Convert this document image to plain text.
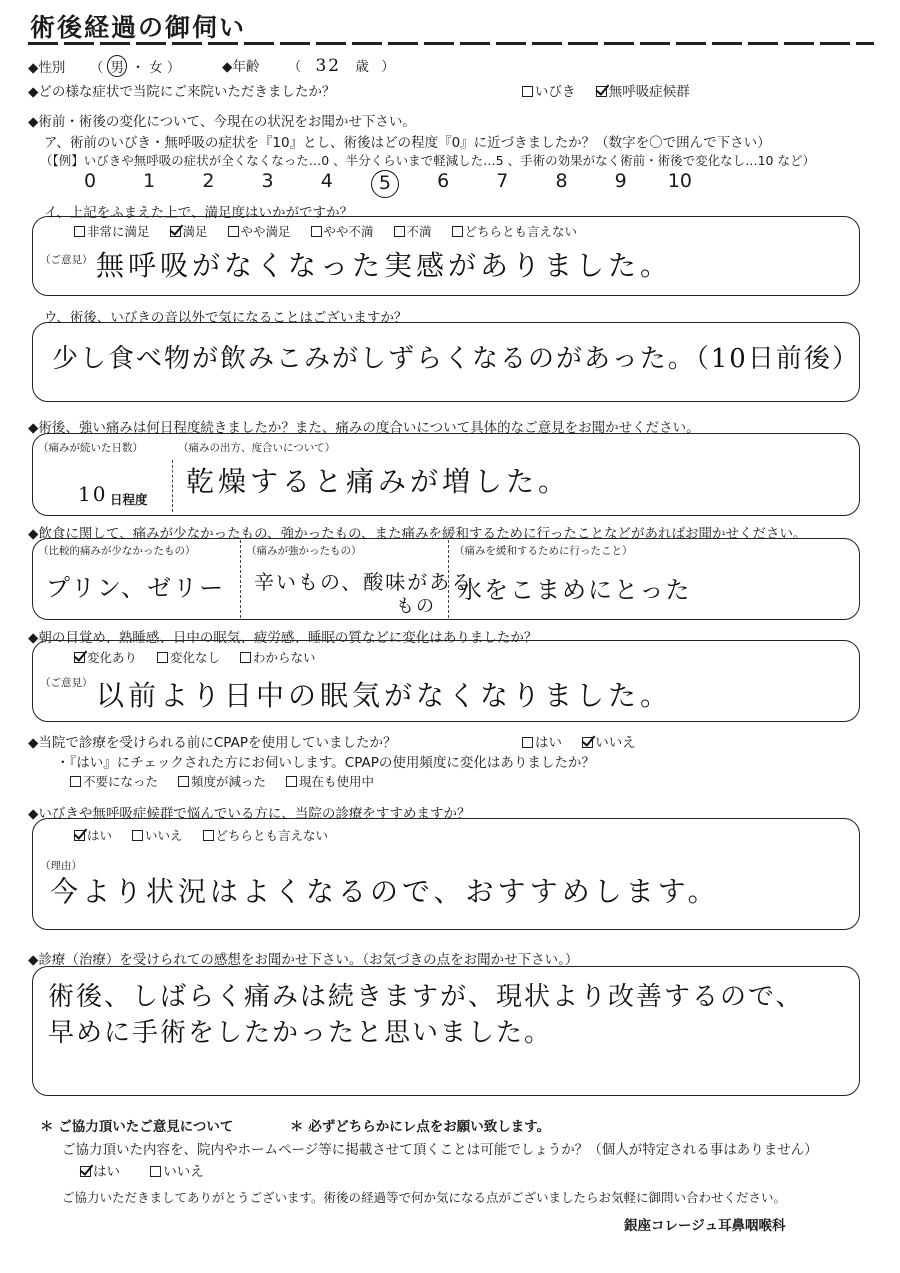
術後経過の御伺い
◆性別 （ 男 ・ 女 ）	◆年齢 （ 32 歳 ）
◆どの様な症状で当院にご来院いただきましたか？	いびき 無呼吸症候群
◆術前・術後の変化について、今現在の状況をお聞かせ下さい。
ア、術前のいびき・無呼吸の症状を『10』とし、術後はどの程度『0』に近づきましたか？（数字を〇で囲んで下さい）
（【例】いびきや無呼吸の症状が全くなくなった…0 、半分くらいまで軽減した…5 、手術の効果がなく術前・術後で変化なし…10 など）
0	1	2	3	4	5	6	7	8	9	10
イ、上記をふまえた上で、満足度はいかがですか？
非常に満足	満足	やや満足	やや不満	不満	どちらとも言えない
（ご意見） 無呼吸がなくなった実感がありました。
ウ、術後、いびきの音以外で気になることはございますか？
少し食べ物が飲みこみがしずらくなるのがあった。（10日前後）
◆術後、強い痛みは何日程度続きましたか？また、痛みの度合いについて具体的なご意見をお聞かせください。
（痛みが続いた日数）
10 日程度
（痛みの出方、度合いについて）
乾燥すると痛みが増した。
◆飲食に関して、痛みが少なかったもの、強かったもの、また痛みを緩和するために行ったことなどがあればお聞かせください。
（比較的痛みが少なかったもの）
プリン、ゼリー
（痛みが強かったもの）
辛いもの、酸味がある
もの
（痛みを緩和するために行ったこと）
水をこまめにとった
◆朝の目覚め、熟睡感、日中の眠気、疲労感、睡眠の質などに変化はありましたか？
変化あり	変化なし	わからない
（ご意見） 以前より日中の眠気がなくなりました。
◆当院で診療を受けられる前にCPAPを使用していましたか？	はい いいえ
・『はい』にチェックされた方にお伺いします。CPAPの使用頻度に変化はありましたか？
不要になった	頻度が減った	現在も使用中
◆いびきや無呼吸症候群で悩んでいる方に、当院の診療をすすめますか？
はい	いいえ	どちらとも言えない
（理由）
今より状況はよくなるので、おすすめします。
◆診療（治療）を受けられての感想をお聞かせ下さい。（お気づきの点をお聞かせ下さい。）
術後、しばらく痛みは続きますが、現状より改善するので、
早めに手術をしたかったと思いました。
＊ ご協力頂いたご意見について	＊ 必ずどちらかにレ点をお願い致します。
ご協力頂いた内容を、院内やホームページ等に掲載させて頂くことは可能でしょうか？（個人が特定される事はありません）
はい	いいえ
ご協力いただきましてありがとうございます。術後の経過等で何か気になる点がございましたらお気軽に御問い合わせください。
銀座コレージュ耳鼻咽喉科
